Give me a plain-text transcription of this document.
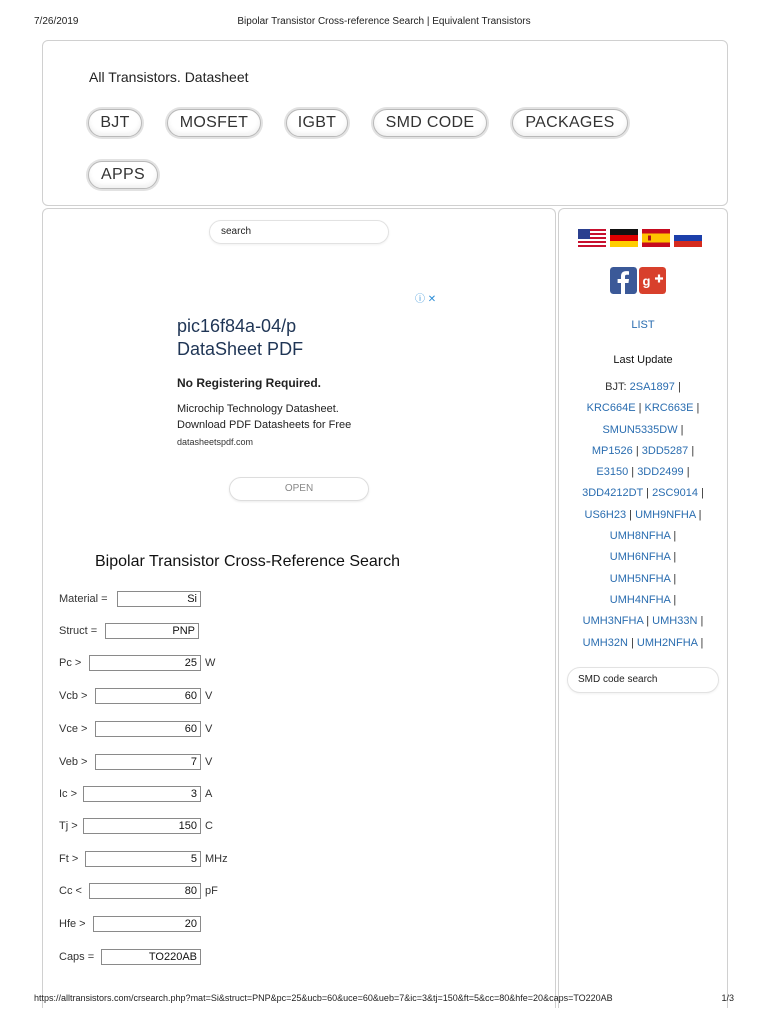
7/26/2019	Bipolar Transistor Cross-reference Search | Equivalent Transistors
All Transistors. Datasheet
BJT	MOSFET	IGBT	SMD CODE	PACKAGES
APPS
search
ⓘ ✕
pic16f84a-04/p
DataSheet PDF
No Registering Required.
Microchip Technology Datasheet.
Download PDF Datasheets for Free
datasheetspdf.com
OPEN
Bipolar Transistor Cross-Reference Search
Material =	Si
Struct =	PNP
Pc >	25 W
Vcb >	60 V
Vce >	60 V
Veb >	7 V
Ic >	3 A
Tj >	150 C
Ft >	5 MHz
Cc <	80 pF
Hfe >	20
Caps =	TO220AB
g
LIST
Last Update
BJT: 2SA1897 |
KRC664E | KRC663E |
SMUN5335DW |
MP1526 | 3DD5287 |
E3150 | 3DD2499 |
3DD4212DT | 2SC9014 |
US6H23 | UMH9NFHA |
UMH8NFHA |
UMH6NFHA |
UMH5NFHA |
UMH4NFHA |
UMH3NFHA | UMH33N |
UMH32N | UMH2NFHA |
SMD code search
https://alltransistors.com/crsearch.php?mat=Si&struct=PNP&pc=25&ucb=60&uce=60&ueb=7&ic=3&tj=150&ft=5&cc=80&hfe=20&caps=TO220AB	1/3
